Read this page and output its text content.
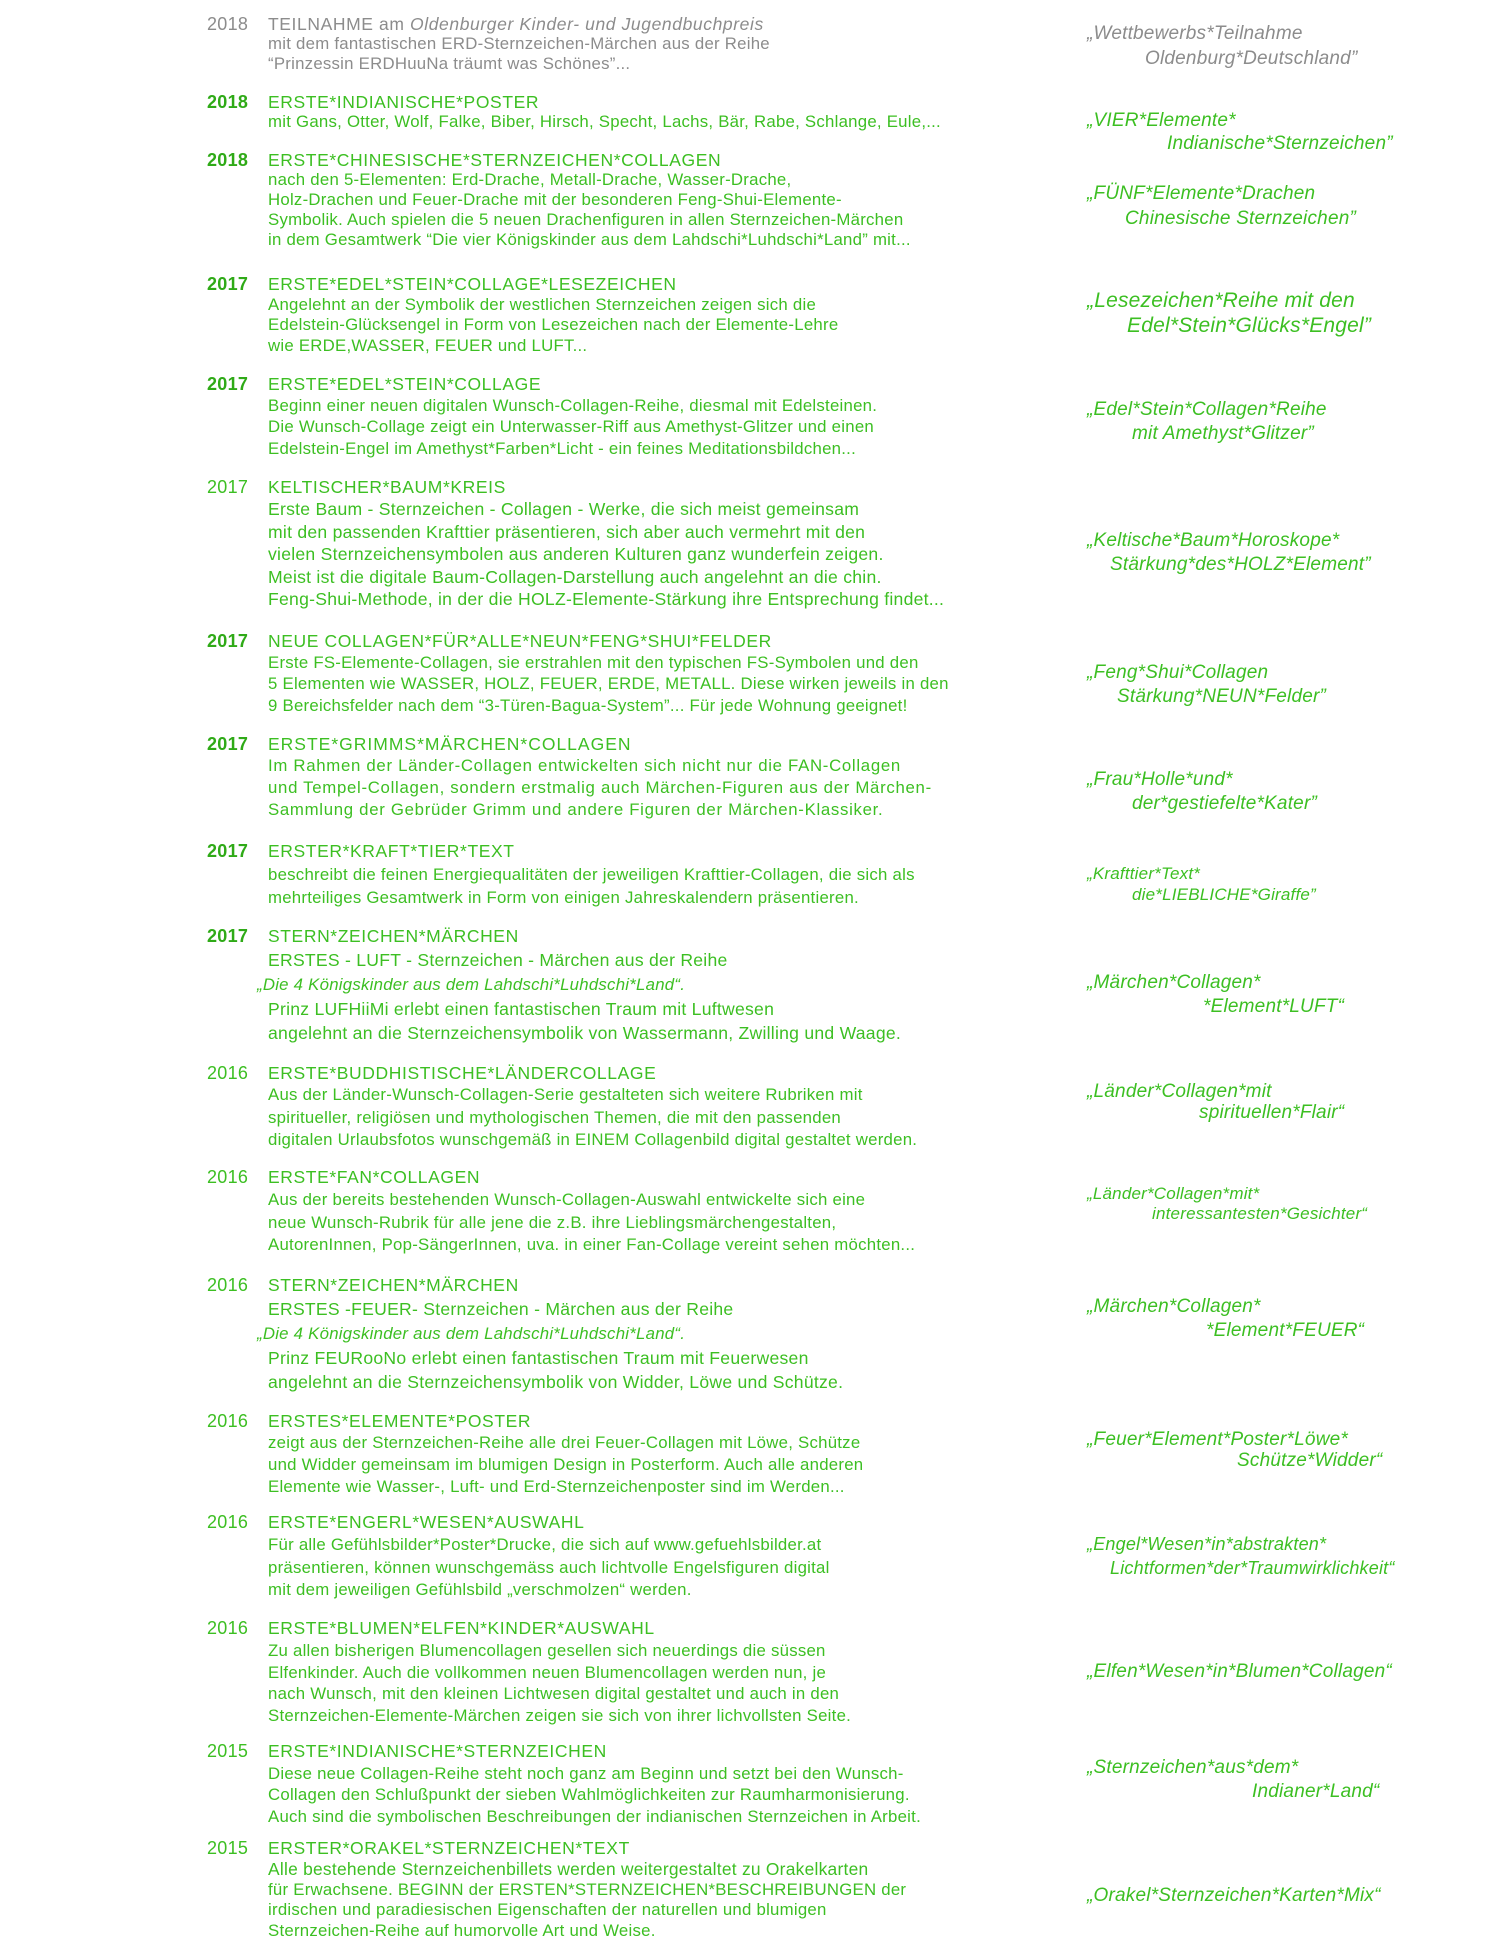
2018 TEILNAHME am Oldenburger Kinder- und Jugendbuchpreis
mit dem fantastischen ERD-Sternzeichen-Märchen aus der Reihe
“Prinzessin ERDHuuNa träumt was Schönes”...
„Wettbewerbs*Teilnahme
Oldenburg*Deutschland”
2018 ERSTE*INDIANISCHE*POSTER
mit Gans, Otter, Wolf, Falke, Biber, Hirsch, Specht, Lachs, Bär, Rabe, Schlange, Eule,...	„VIER*Elemente*
Indianische*Sternzeichen”
2018 ERSTE*CHINESISCHE*STERNZEICHEN*COLLAGEN
nach den 5-Elementen: Erd-Drache, Metall-Drache, Wasser-Drache,
Holz-Drachen und Feuer-Drache mit der besonderen Feng-Shui-Elemente-
Symbolik. Auch spielen die 5 neuen Drachenfiguren in allen Sternzeichen-Märchen
in dem Gesamtwerk “Die vier Königskinder aus dem Lahdschi*Luhdschi*Land” mit...
„FÜNF*Elemente*Drachen
Chinesische Sternzeichen”
2017 ERSTE*EDEL*STEIN*COLLAGE*LESEZEICHEN
Angelehnt an der Symbolik der westlichen Sternzeichen zeigen sich die
Edelstein-Glücksengel in Form von Lesezeichen nach der Elemente-Lehre
wie ERDE,WASSER, FEUER und LUFT...
„Lesezeichen*Reihe mit den
Edel*Stein*Glücks*Engel”
2017 ERSTE*EDEL*STEIN*COLLAGE
Beginn einer neuen digitalen Wunsch-Collagen-Reihe, diesmal mit Edelsteinen.
Die Wunsch-Collage zeigt ein Unterwasser-Riff aus Amethyst-Glitzer und einen
Edelstein-Engel im Amethyst*Farben*Licht - ein feines Meditationsbildchen...
„Edel*Stein*Collagen*Reihe
mit Amethyst*Glitzer”
2017 KELTISCHER*BAUM*KREIS
Erste Baum - Sternzeichen - Collagen - Werke, die sich meist gemeinsam
mit den passenden Krafttier präsentieren, sich aber auch vermehrt mit den
vielen Sternzeichensymbolen aus anderen Kulturen ganz wunderfein zeigen.
Meist ist die digitale Baum-Collagen-Darstellung auch angelehnt an die chin.
Feng-Shui-Methode, in der die HOLZ-Elemente-Stärkung ihre Entsprechung findet...
„Keltische*Baum*Horoskope*
Stärkung*des*HOLZ*Element”
2017 NEUE COLLAGEN*FÜR*ALLE*NEUN*FENG*SHUI*FELDER
Erste FS-Elemente-Collagen, sie erstrahlen mit den typischen FS-Symbolen und den
5 Elementen wie WASSER, HOLZ, FEUER, ERDE, METALL. Diese wirken jeweils in den
9 Bereichsfelder nach dem “3-Türen-Bagua-System”... Für jede Wohnung geeignet!
„Feng*Shui*Collagen
Stärkung*NEUN*Felder”
2017 ERSTE*GRIMMS*MÄRCHEN*COLLAGEN
Im Rahmen der Länder-Collagen entwickelten sich nicht nur die FAN-Collagen
und Tempel-Collagen, sondern erstmalig auch Märchen-Figuren aus der Märchen-
Sammlung der Gebrüder Grimm und andere Figuren der Märchen-Klassiker.
„Frau*Holle*und*
der*gestiefelte*Kater”
2017 ERSTER*KRAFT*TIER*TEXT
beschreibt die feinen Energiequalitäten der jeweiligen Krafttier-Collagen, die sich als
mehrteiliges Gesamtwerk in Form von einigen Jahreskalendern präsentieren.
„Krafttier*Text*
die*LIEBLICHE*Giraffe”
2017 STERN*ZEICHEN*MÄRCHEN
ERSTES - LUFT - Sternzeichen - Märchen aus der Reihe
„Die 4 Königskinder aus dem Lahdschi*Luhdschi*Land“.
Prinz LUFHiiMi erlebt einen fantastischen Traum mit Luftwesen
angelehnt an die Sternzeichensymbolik von Wassermann, Zwilling und Waage.
„Märchen*Collagen*
*Element*LUFT“
2016 ERSTE*BUDDHISTISCHE*LÄNDERCOLLAGE
Aus der Länder-Wunsch-Collagen-Serie gestalteten sich weitere Rubriken mit
spiritueller, religiösen und mythologischen Themen, die mit den passenden
digitalen Urlaubsfotos wunschgemäß in EINEM Collagenbild digital gestaltet werden.
„Länder*Collagen*mit
spirituellen*Flair“
2016 ERSTE*FAN*COLLAGEN
Aus der bereits bestehenden Wunsch-Collagen-Auswahl entwickelte sich eine
neue Wunsch-Rubrik für alle jene die z.B. ihre Lieblingsmärchengestalten,
AutorenInnen, Pop-SängerInnen, uva. in einer Fan-Collage vereint sehen möchten...
„Länder*Collagen*mit*
interessantesten*Gesichter“
2016 STERN*ZEICHEN*MÄRCHEN
ERSTES -FEUER- Sternzeichen - Märchen aus der Reihe
„Die 4 Königskinder aus dem Lahdschi*Luhdschi*Land“.
Prinz FEURooNo erlebt einen fantastischen Traum mit Feuerwesen
angelehnt an die Sternzeichensymbolik von Widder, Löwe und Schütze.
„Märchen*Collagen*
*Element*FEUER“
2016 ERSTES*ELEMENTE*POSTER
zeigt aus der Sternzeichen-Reihe alle drei Feuer-Collagen mit Löwe, Schütze
und Widder gemeinsam im blumigen Design in Posterform. Auch alle anderen
Elemente wie Wasser-, Luft- und Erd-Sternzeichenposter sind im Werden...
„Feuer*Element*Poster*Löwe*
Schütze*Widder“
2016 ERSTE*ENGERL*WESEN*AUSWAHL
Für alle Gefühlsbilder*Poster*Drucke, die sich auf www.gefuehlsbilder.at
präsentieren, können wunschgemäss auch lichtvolle Engelsfiguren digital
mit dem jeweiligen Gefühlsbild „verschmolzen“ werden.
„Engel*Wesen*in*abstrakten*
Lichtformen*der*Traumwirklichkeit“
2016 ERSTE*BLUMEN*ELFEN*KINDER*AUSWAHL
Zu allen bisherigen Blumencollagen gesellen sich neuerdings die süssen
Elfenkinder. Auch die vollkommen neuen Blumencollagen werden nun, je
nach Wunsch, mit den kleinen Lichtwesen digital gestaltet und auch in den
Sternzeichen-Elemente-Märchen zeigen sie sich von ihrer lichvollsten Seite.
„Elfen*Wesen*in*Blumen*Collagen“
2015 ERSTE*INDIANISCHE*STERNZEICHEN
Diese neue Collagen-Reihe steht noch ganz am Beginn und setzt bei den Wunsch-
Collagen den Schlußpunkt der sieben Wahlmöglichkeiten zur Raumharmonisierung.
Auch sind die symbolischen Beschreibungen der indianischen Sternzeichen in Arbeit.
„Sternzeichen*aus*dem*
Indianer*Land“
2015 ERSTER*ORAKEL*STERNZEICHEN*TEXT
Alle bestehende Sternzeichenbillets werden weitergestaltet zu Orakelkarten
für Erwachsene. BEGINN der ERSTEN*STERNZEICHEN*BESCHREIBUNGEN der
irdischen und paradiesischen Eigenschaften der naturellen und blumigen
Sternzeichen-Reihe auf humorvolle Art und Weise.
„Orakel*Sternzeichen*Karten*Mix“
